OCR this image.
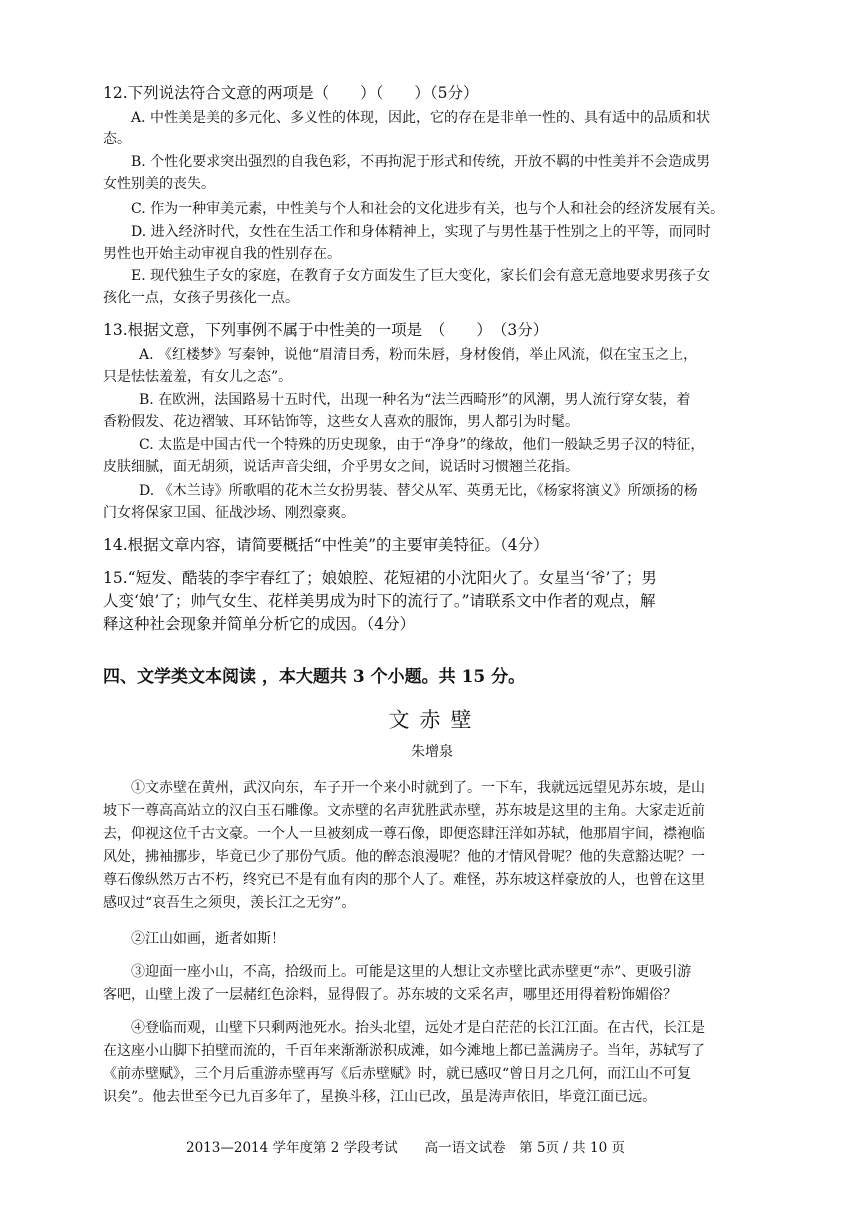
12.下列说法符合文意的两项是（　　）（　　）（5分）
A. 中性美是美的多元化、多义性的体现，因此，它的存在是非单一性的、具有适中的品质和状
态。
B. 个性化要求突出强烈的自我色彩，不再拘泥于形式和传统，开放不羁的中性美并不会造成男
女性别美的丧失。
C. 作为一种审美元素，中性美与个人和社会的文化进步有关，也与个人和社会的经济发展有关。
D. 进入经济时代，女性在生活工作和身体精神上，实现了与男性基于性别之上的平等，而同时
男性也开始主动审视自我的性别存在。
E. 现代独生子女的家庭，在教育子女方面发生了巨大变化，家长们会有意无意地要求男孩子女
孩化一点，女孩子男孩化一点。
13.根据文意，下列事例不属于中性美的一项是　（　　）　（3分）
A. 《红楼梦》写秦钟，说他“眉清目秀，粉而朱唇，身材俊俏，举止风流，似在宝玉之上，
只是怯怯羞羞，有女儿之态”。
B. 在欧洲，法国路易十五时代，出现一种名为“法兰西畸形”的风潮，男人流行穿女装，着
香粉假发、花边褶皱、耳环钻饰等，这些女人喜欢的服饰，男人都引为时髦。
C. 太监是中国古代一个特殊的历史现象，由于“净身”的缘故，他们一般缺乏男子汉的特征，
皮肤细腻，面无胡须，说话声音尖细，介乎男女之间，说话时习惯翘兰花指。
D. 《木兰诗》所歌唱的花木兰女扮男装、替父从军、英勇无比，《杨家将演义》所颂扬的杨
门女将保家卫国、征战沙场、刚烈豪爽。
14.根据文章内容，请简要概括“中性美”的主要审美特征。（4分）
15.“短发、酷装的李宇春红了；娘娘腔、花短裙的小沈阳火了。女星当‘爷’了；男
人变‘娘’了；帅气女生、花样美男成为时下的流行了。”请联系文中作者的观点，解
释这种社会现象并简单分析它的成因。（4分）
四、文学类文本阅读 ，本大题共 3 个小题。共 15 分。
文赤壁
朱增泉
①文赤壁在黄州，武汉向东，车子开一个来小时就到了。一下车，我就远远望见苏东坡，是山
坡下一尊高高站立的汉白玉石雕像。文赤壁的名声犹胜武赤壁，苏东坡是这里的主角。大家走近前
去，仰视这位千古文豪。一个人一旦被刻成一尊石像，即便恣肆汪洋如苏轼，他那眉宇间，襟袍临
风处，拂袖挪步，毕竟已少了那份气质。他的醉态浪漫呢？他的才情风骨呢？他的失意豁达呢？一
尊石像纵然万古不朽，终究已不是有血有肉的那个人了。难怪，苏东坡这样豪放的人，也曾在这里
感叹过“哀吾生之须臾，羡长江之无穷”。
②江山如画，逝者如斯！
③迎面一座小山，不高，拾级而上。可能是这里的人想让文赤壁比武赤壁更“赤”、更吸引游
客吧，山壁上泼了一层赭红色涂料，显得假了。苏东坡的文采名声，哪里还用得着粉饰媚俗？
④登临而观，山壁下只剩两池死水。抬头北望，远处才是白茫茫的长江江面。在古代，长江是
在这座小山脚下拍壁而流的，千百年来渐渐淤积成滩，如今滩地上都已盖满房子。当年，苏轼写了
《前赤壁赋》，三个月后重游赤壁再写《后赤壁赋》时，就已感叹“曾日月之几何，而江山不可复
识矣”。他去世至今已九百多年了，星换斗移，江山已改，虽是涛声依旧，毕竟江面已远。
2013—2014 学年度第 2 学段考试　　高一语文试卷　第 5页 / 共 10 页
